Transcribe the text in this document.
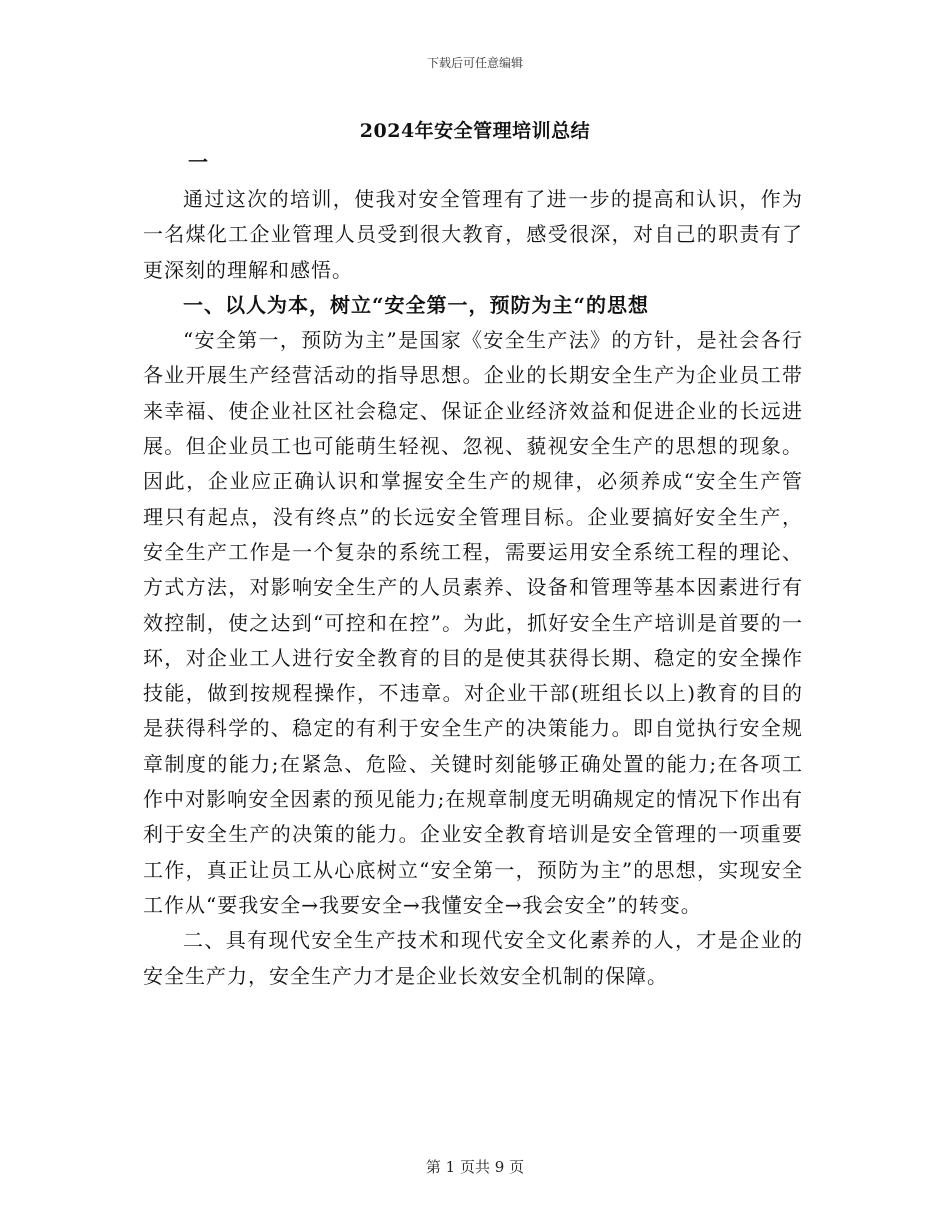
下载后可任意编辑
2024年安全管理培训总结
一

通过这次的培训，使我对安全管理有了进一步的提高和认识，作为一名煤化工企业管理人员受到很大教育，感受很深，对自己的职责有了更深刻的理解和感悟。

一、以人为本，树立“安全第一，预防为主“的思想

“安全第一，预防为主”是国家《安全生产法》的方针，是社会各行各业开展生产经营活动的指导思想。企业的长期安全生产为企业员工带来幸福、使企业社区社会稳定、保证企业经济效益和促进企业的长远进展。但企业员工也可能萌生轻视、忽视、藐视安全生产的思想的现象。因此，企业应正确认识和掌握安全生产的规律，必须养成“安全生产管理只有起点，没有终点”的长远安全管理目标。企业要搞好安全生产，安全生产工作是一个复杂的系统工程，需要运用安全系统工程的理论、方式方法，对影响安全生产的人员素养、设备和管理等基本因素进行有效控制，使之达到“可控和在控”。为此，抓好安全生产培训是首要的一环，对企业工人进行安全教育的目的是使其获得长期、稳定的安全操作技能，做到按规程操作，不违章。对企业干部(班组长以上)教育的目的是获得科学的、稳定的有利于安全生产的决策能力。即自觉执行安全规章制度的能力;在紧急、危险、关键时刻能够正确处置的能力;在各项工作中对影响安全因素的预见能力;在规章制度无明确规定的情况下作出有利于安全生产的决策的能力。企业安全教育培训是安全管理的一项重要工作，真正让员工从心底树立“安全第一，预防为主”的思想，实现安全工作从“要我安全→我要安全→我懂安全→我会安全”的转变。

二、具有现代安全生产技术和现代安全文化素养的人，才是企业的安全生产力，安全生产力才是企业长效安全机制的保障。

第 1 页共 9 页
